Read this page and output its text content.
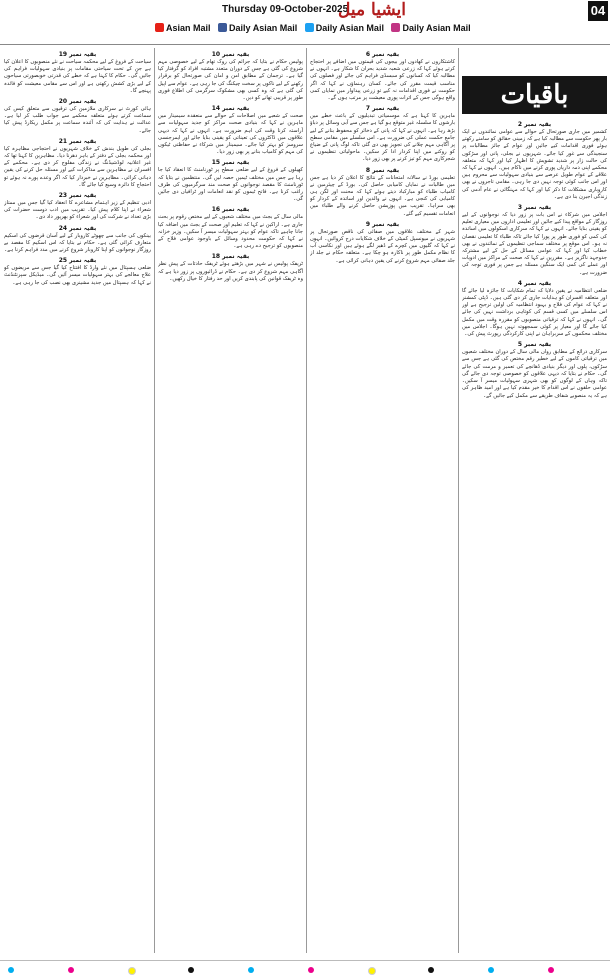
Thursday 09-October-2025
ایشیا میل	04
Asian Mail Daily Asian Mail Daily Asian Mail Daily Asian Mail
باقیات
بقیہ نمبر 2

کشمیر میں جاری صورتحال کے حوالے سے عوامی نمائندوں نے ایک بار پھر حکومت سے مطالبہ کیا ہے کہ زمینی حقائق کو سامنے رکھتے ہوئے فوری اقدامات کیے جائیں اور عوام کے جائز مطالبات پر سنجیدگی سے غور کیا جائے۔ شہریوں نے بجلی، پانی اور سڑکوں کی حالت زار پر شدید تشویش کا اظہار کیا اور کہا کہ متعلقہ محکمے اپنی ذمہ داریاں پوری کرنے میں ناکام ہیں۔ انہوں نے کہا کہ علاقے کے عوام طویل عرصے سے بنیادی سہولیات سے محروم ہیں اور اس جانب کوئی توجہ نہیں دی جا رہی۔ مقامی تاجروں نے بھی کاروباری مشکلات کا ذکر کیا اور کہا کہ مہنگائی نے عام آدمی کی زندگی اجیرن بنا دی ہے۔

بقیہ نمبر 3

اجلاس میں شرکاء نے اس بات پر زور دیا کہ نوجوانوں کے لیے روزگار کے مواقع پیدا کیے جائیں اور تعلیمی اداروں میں معیاری تعلیم کو یقینی بنایا جائے۔ انہوں نے کہا کہ سرکاری اسکولوں میں اساتذہ کی کمی کو فوری طور پر پورا کیا جائے تاکہ طلباء کا تعلیمی نقصان نہ ہو۔ اس موقع پر مختلف سماجی تنظیموں کے نمائندوں نے بھی خطاب کیا اور کہا کہ عوامی مسائل کے حل کے لیے مشترکہ جدوجہد ناگزیر ہے۔ مقررین نے کہا کہ صحت کے مراکز میں ادویات اور عملے کی کمی ایک سنگین مسئلہ ہے جس پر فوری توجہ کی ضرورت ہے۔

بقیہ نمبر 4

ضلعی انتظامیہ نے یقین دلایا کہ تمام شکایات کا جائزہ لیا جائے گا اور متعلقہ افسران کو ہدایات جاری کر دی گئی ہیں۔ ڈپٹی کمشنر نے کہا کہ عوام کی فلاح و بہبود انتظامیہ کی اولین ترجیح ہے اور اس سلسلے میں کسی قسم کی کوتاہی برداشت نہیں کی جائے گی۔ انہوں نے کہا کہ ترقیاتی منصوبوں کو مقررہ وقت میں مکمل کیا جائے گا اور معیار پر کوئی سمجھوتہ نہیں ہوگا۔ اجلاس میں مختلف محکموں کے سربراہان نے اپنی کارکردگی رپورٹ پیش کی۔

بقیہ نمبر 5

سرکاری ذرائع کے مطابق رواں مالی سال کے دوران مختلف شعبوں میں ترقیاتی کاموں کے لیے خطیر رقم مختص کی گئی ہے جس سے سڑکوں، پلوں اور دیگر بنیادی ڈھانچے کی تعمیر و مرمت کی جائے گی۔ حکام نے بتایا کہ دیہی علاقوں کو خصوصی توجہ دی جائے گی تاکہ وہاں کے لوگوں کو بھی شہری سہولیات میسر آ سکیں۔ عوامی حلقوں نے اس اقدام کا خیر مقدم کیا ہے اور امید ظاہر کی ہے کہ یہ منصوبے شفاف طریقے سے مکمل کیے جائیں گے۔

بقیہ نمبر 6

کاشتکاروں نے کھادوں اور بیجوں کی قیمتوں میں اضافے پر احتجاج کرتے ہوئے کہا کہ زرعی شعبہ شدید بحران کا شکار ہے۔ انہوں نے مطالبہ کیا کہ کسانوں کو سبسڈی فراہم کی جائے اور فصلوں کی مناسب قیمت مقرر کی جائے۔ کسان رہنماؤں نے کہا کہ اگر حکومت نے فوری اقدامات نہ کیے تو زرعی پیداوار میں نمایاں کمی واقع ہوگی جس کے اثرات پوری معیشت پر مرتب ہوں گے۔

بقیہ نمبر 7

ماہرین کا کہنا ہے کہ موسمیاتی تبدیلیوں کے باعث خطے میں بارشوں کا سلسلہ غیر متوقع ہو گیا ہے جس سے آبی وسائل پر دباؤ بڑھ رہا ہے۔ انہوں نے کہا کہ پانی کے ذخائر کو محفوظ بنانے کے لیے جامع حکمت عملی کی ضرورت ہے۔ اس سلسلے میں مقامی سطح پر آگاہی مہم چلانے کی تجویز بھی دی گئی تاکہ لوگ پانی کے ضیاع کو روکنے میں اپنا کردار ادا کر سکیں۔ ماحولیاتی تنظیموں نے شجرکاری مہم کو تیز کرنے پر بھی زور دیا۔

بقیہ نمبر 8

تعلیمی بورڈ نے سالانہ امتحانات کے نتائج کا اعلان کر دیا ہے جس میں طالبات نے نمایاں کامیابی حاصل کی۔ بورڈ کے چیئرمین نے کامیاب طلباء کو مبارکباد دیتے ہوئے کہا کہ محنت اور لگن ہی کامیابی کی کنجی ہے۔ انہوں نے والدین اور اساتذہ کے کردار کو بھی سراہا۔ تقریب میں پوزیشن حاصل کرنے والے طلباء میں انعامات تقسیم کیے گئے۔

بقیہ نمبر 9

شہر کے مختلف علاقوں میں صفائی کی ناقص صورتحال پر شہریوں نے میونسپل کمیٹی کے خلاف شکایات درج کروائیں۔ انہوں نے کہا کہ گلیوں میں کچرے کے ڈھیر لگے ہوئے ہیں اور نکاسی آب کا نظام مکمل طور پر ناکارہ ہو چکا ہے۔ متعلقہ حکام نے جلد از جلد صفائی مہم شروع کرنے کی یقین دہانی کرائی ہے۔

بقیہ نمبر 10

پولیس حکام نے بتایا کہ جرائم کی روک تھام کے لیے خصوصی مہم شروع کی گئی ہے جس کے دوران متعدد مشتبہ افراد کو گرفتار کیا گیا ہے۔ ترجمان کے مطابق امن و امان کی صورتحال کو برقرار رکھنے کے لیے ناکوں پر سخت چیکنگ کی جا رہی ہے۔ عوام سے اپیل کی گئی ہے کہ وہ کسی بھی مشکوک سرگرمی کی اطلاع فوری طور پر قریبی تھانے کو دیں۔

بقیہ نمبر 14

صحت کے شعبے میں اصلاحات کے حوالے سے منعقدہ سیمینار میں ماہرین نے کہا کہ بنیادی صحت مراکز کو جدید سہولیات سے آراستہ کرنا وقت کی اہم ضرورت ہے۔ انہوں نے کہا کہ دیہی علاقوں میں ڈاکٹروں کی تعیناتی کو یقینی بنایا جائے اور ایمرجنسی سروسز کو بہتر کیا جائے۔ سیمینار میں شرکاء نے حفاظتی ٹیکوں کی مہم کو کامیاب بنانے پر بھی زور دیا۔

بقیہ نمبر 15

کھیلوں کے فروغ کے لیے ضلعی سطح پر ٹورنامنٹ کا انعقاد کیا جا رہا ہے جس میں مختلف ٹیمیں حصہ لیں گی۔ منتظمین نے بتایا کہ ٹورنامنٹ کا مقصد نوجوانوں کو صحت مند سرگرمیوں کی طرف راغب کرنا ہے۔ فاتح ٹیموں کو نقد انعامات اور ٹرافیاں دی جائیں گی۔

بقیہ نمبر 16

مالی سال کے بجٹ میں مختلف شعبوں کے لیے مختص رقوم پر بحث جاری ہے۔ اراکین نے کہا کہ تعلیم اور صحت کے بجٹ میں اضافہ کیا جانا چاہیے تاکہ عوام کو بہتر سہولیات میسر آ سکیں۔ وزیر خزانہ نے کہا کہ حکومت محدود وسائل کے باوجود عوامی فلاح کے منصوبوں کو ترجیح دے رہی ہے۔

بقیہ نمبر 18

ٹریفک پولیس نے شہر میں بڑھتے ہوئے ٹریفک حادثات کے پیش نظر آگاہی مہم شروع کر دی ہے۔ حکام نے ڈرائیوروں پر زور دیا ہے کہ وہ ٹریفک قوانین کی پابندی کریں اور حد رفتار کا خیال رکھیں۔

بقیہ نمبر 19

سیاحت کے فروغ کے لیے محکمہ سیاحت نے نئے منصوبوں کا اعلان کیا ہے جن کے تحت سیاحتی مقامات پر بنیادی سہولیات فراہم کی جائیں گی۔ حکام کا کہنا ہے کہ خطے کی قدرتی خوبصورتی سیاحوں کے لیے بڑی کشش رکھتی ہے اور اس سے مقامی معیشت کو فائدہ پہنچے گا۔

بقیہ نمبر 20

ہائی کورٹ نے سرکاری ملازمین کی ترقیوں سے متعلق کیس کی سماعت کرتے ہوئے متعلقہ محکمے سے جواب طلب کر لیا ہے۔ عدالت نے ہدایت کی کہ آئندہ سماعت پر مکمل ریکارڈ پیش کیا جائے۔

بقیہ نمبر 21

بجلی کی طویل بندش کے خلاف شہریوں نے احتجاجی مظاہرہ کیا اور محکمہ بجلی کے دفتر کے باہر دھرنا دیا۔ مظاہرین کا کہنا تھا کہ غیر اعلانیہ لوڈشیڈنگ نے زندگی مفلوج کر دی ہے۔ محکمے کے افسران نے مظاہرین سے مذاکرات کیے اور مسئلہ حل کرنے کی یقین دہانی کرائی۔ مظاہرین نے خبردار کیا کہ اگر وعدے پورے نہ ہوئے تو احتجاج کا دائرہ وسیع کیا جائے گا۔

بقیہ نمبر 23

ادبی تنظیم کے زیر اہتمام مشاعرے کا انعقاد کیا گیا جس میں ممتاز شعراء نے اپنا کلام پیش کیا۔ تقریب میں ادب دوست حضرات کی بڑی تعداد نے شرکت کی اور شعراء کو بھرپور داد دی۔

بقیہ نمبر 24

بینکوں کی جانب سے چھوٹے کاروبار کے لیے آسان قرضوں کی اسکیم متعارف کرائی گئی ہے۔ حکام نے بتایا کہ اس اسکیم کا مقصد بے روزگار نوجوانوں کو اپنا کاروبار شروع کرنے میں مدد فراہم کرنا ہے۔

بقیہ نمبر 25

ضلعی ہسپتال میں نئے وارڈ کا افتتاح کیا گیا جس سے مریضوں کو علاج معالجے کی بہتر سہولیات میسر آئیں گی۔ میڈیکل سپرنٹنڈنٹ نے کہا کہ ہسپتال میں جدید مشینری بھی نصب کی جا رہی ہے۔
